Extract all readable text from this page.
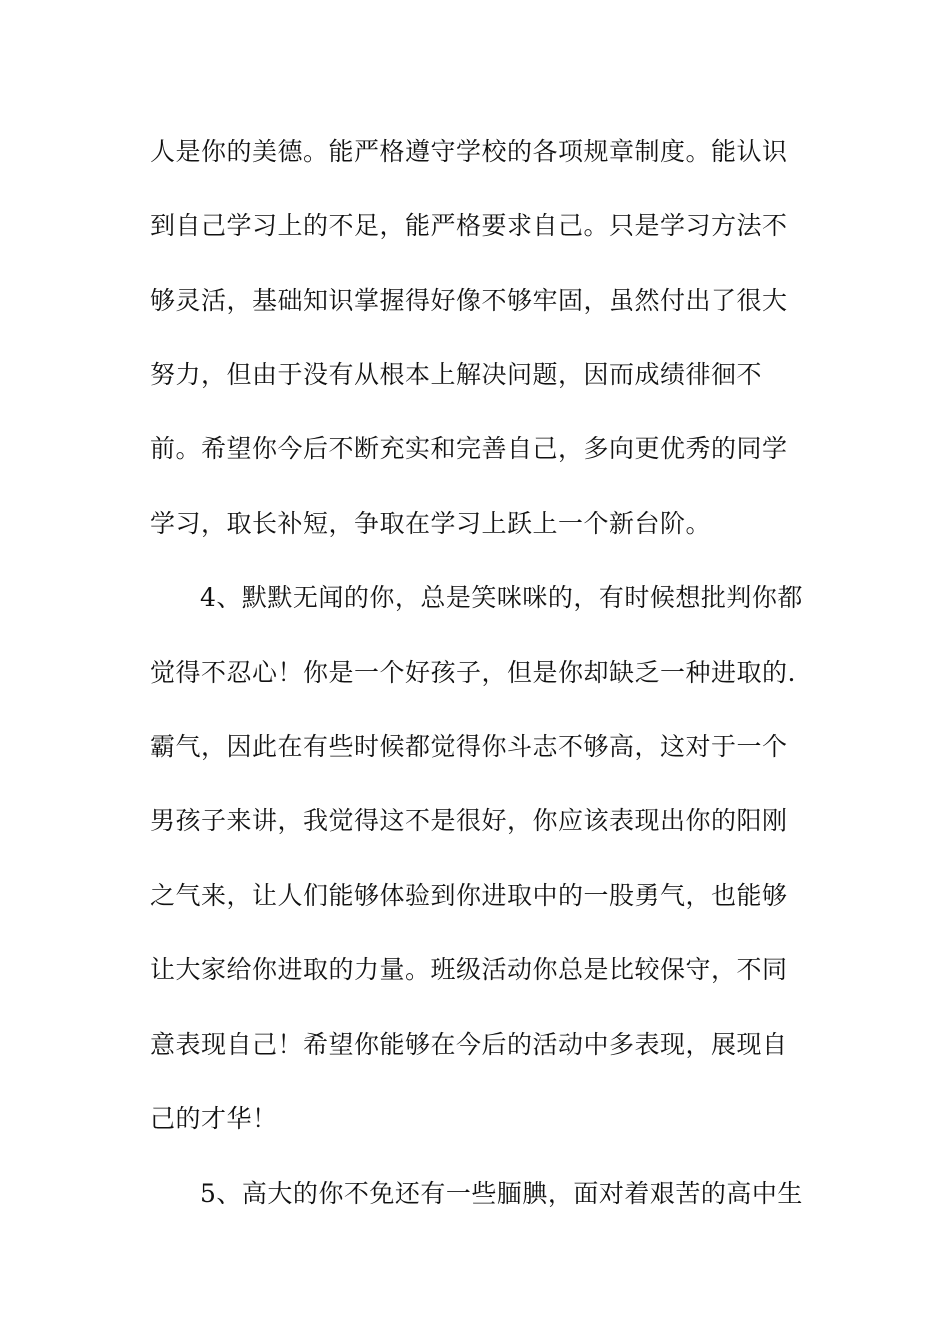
人是你的美德。能严格遵守学校的各项规章制度。能认识
到自己学习上的不足，能严格要求自己。只是学习方法不
够灵活，基础知识掌握得好像不够牢固，虽然付出了很大
努力，但由于没有从根本上解决问题，因而成绩徘徊不
前。希望你今后不断充实和完善自己，多向更优秀的同学
学习，取长补短，争取在学习上跃上一个新台阶。
4、默默无闻的你，总是笑咪咪的，有时候想批判你都
觉得不忍心！你是一个好孩子，但是你却缺乏一种进取的.
霸气，因此在有些时候都觉得你斗志不够高，这对于一个
男孩子来讲，我觉得这不是很好，你应该表现出你的阳刚
之气来，让人们能够体验到你进取中的一股勇气，也能够
让大家给你进取的力量。班级活动你总是比较保守，不同
意表现自己！希望你能够在今后的活动中多表现，展现自
己的才华！
5、高大的你不免还有一些腼腆，面对着艰苦的高中生
